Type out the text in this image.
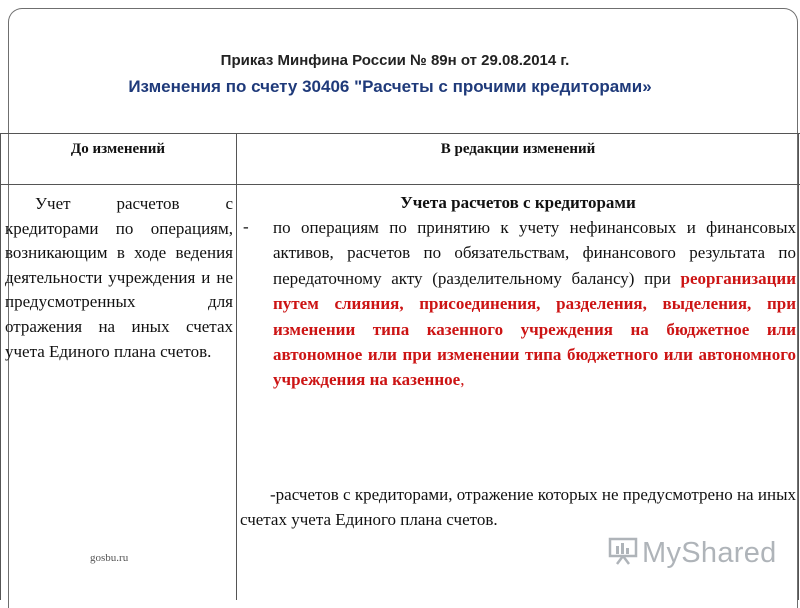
Приказ Минфина России № 89н от 29.08.2014 г.
Изменения по счету 30406 "Расчеты с прочими кредиторами»
До изменений	В редакции изменений
Учет расчетов с кредиторами по операциям, возникающим в ходе ведения деятельности учреждения и не предусмотренных для отражения на иных счетах учета Единого плана счетов.
Учета расчетов с кредиторами
- по операциям по принятию к учету нефинансовых и финансовых активов, расчетов по обязательствам, финансового результата по передаточному акту (разделительному балансу) при реорганизации путем слияния, присоединения, разделения, выделения, при изменении типа казенного учреждения на бюджетное или автономное или при изменении типа бюджетного или автономного учреждения на казенное,
-расчетов с кредиторами, отражение которых не предусмотрено на иных счетах учета Единого плана счетов.
gosbu.ru	MyShared
